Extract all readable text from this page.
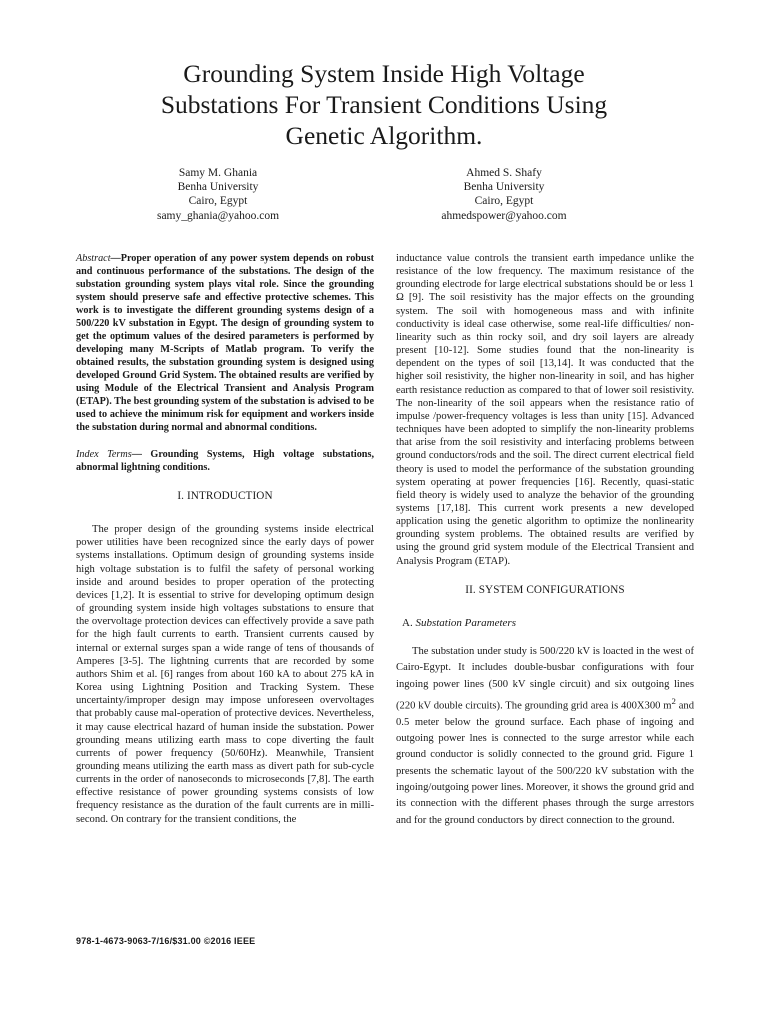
Grounding System Inside High Voltage
Substations For Transient Conditions Using
Genetic Algorithm.
Samy M. Ghania
Benha University
Cairo, Egypt
samy_ghania@yahoo.com
Ahmed S. Shafy
Benha University
Cairo, Egypt
ahmedspower@yahoo.com

Abstract—Proper operation of any power system depends on robust and continuous performance of the substations. The design of the substation grounding system plays vital role. Since the grounding system should preserve safe and effective protective schemes. This work is to investigate the different grounding systems design of a 500/220 kV substation in Egypt. The design of grounding system to get the optimum values of the desired parameters is performed by developing many M-Scripts of Matlab program. To verify the obtained results, the substation grounding system is designed using developed Ground Grid System. The obtained results are verified by using Module of the Electrical Transient and Analysis Program (ETAP). The best grounding system of the substation is advised to be used to achieve the minimum risk for equipment and workers inside the substation during normal and abnormal conditions.

Index Terms— Grounding Systems, High voltage substations, abnormal lightning conditions.

I. INTRODUCTION

The proper design of the grounding systems inside electrical power utilities have been recognized since the early days of power systems installations. Optimum design of grounding systems inside high voltage substation is to fulfil the safety of personal working inside and around besides to proper operation of the protecting devices [1,2]. It is essential to strive for developing optimum design of grounding system inside high voltages substations to ensure that the overvoltage protection devices can effectively provide a save path for the high fault currents to earth. Transient currents caused by internal or external surges span a wide range of tens of thousands of Amperes [3-5]. The lightning currents that are recorded by some authors Shim et al. [6] ranges from about 160 kA to about 275 kA in Korea using Lightning Position and Tracking System. These uncertainty/improper design may impose unforeseen overvoltages that probably cause mal-operation of protective devices. Nevertheless, it may cause electrical hazard of human inside the substation. Power grounding means utilizing earth mass to cope diverting the fault currents of power frequency (50/60Hz). Meanwhile, Transient grounding means utilizing the earth mass as divert path for sub-cycle currents in the order of nanoseconds to microseconds [7,8]. The earth effective resistance of power grounding systems consists of low frequency resistance as the duration of the fault currents are in milli-second. On contrary for the transient conditions, the

inductance value controls the transient earth impedance unlike the resistance of the low frequency. The maximum resistance of the grounding electrode for large electrical substations should be or less 1 Ω [9]. The soil resistivity has the major effects on the grounding system. The soil with homogeneous mass and with infinite conductivity is ideal case otherwise, some real-life difficulties/ non-linearity such as thin rocky soil, and dry soil layers are already present [10-12]. Some studies found that the non-linearity is dependent on the types of soil [13,14]. It was conducted that the higher soil resistivity, the higher non-linearity in soil, and has higher earth resistance reduction as compared to that of lower soil resistivity. The non-linearity of the soil appears when the resistance ratio of impulse /power-frequency voltages is less than unity [15]. Advanced techniques have been adopted to simplify the non-linearity problems that arise from the soil resistivity and interfacing problems between ground conductors/rods and the soil. The direct current electrical field theory is used to model the performance of the substation grounding system operating at power frequencies [16]. Recently, quasi-static field theory is widely used to analyze the behavior of the grounding systems [17,18]. This current work presents a new developed application using the genetic algorithm to optimize the nonlinearity grounding system problems. The obtained results are verified by using the ground grid system module of the Electrical Transient and Analysis Program (ETAP).

II. SYSTEM CONFIGURATIONS

A. Substation Parameters

The substation under study is 500/220 kV is loacted in the west of Cairo-Egypt. It includes double-busbar configurations with four ingoing power lines (500 kV single circuit) and six outgoing lines (220 kV double circuits). The grounding grid area is 400X300 $m^2$ and 0.5 meter below the ground surface. Each phase of ingoing and outgoing power lnes is connected to the surge arrestor while each ground conductor is solidly connected to the ground grid. Figure 1 presents the schematic layout of the 500/220 kV substation with the ingoing/outgoing power lines. Moreover, it shows the ground grid and its connection with the different phases through the surge arrestors and for the ground conductors by direct connection to the ground.

978-1-4673-9063-7/16/$31.00 ©2016 IEEE
